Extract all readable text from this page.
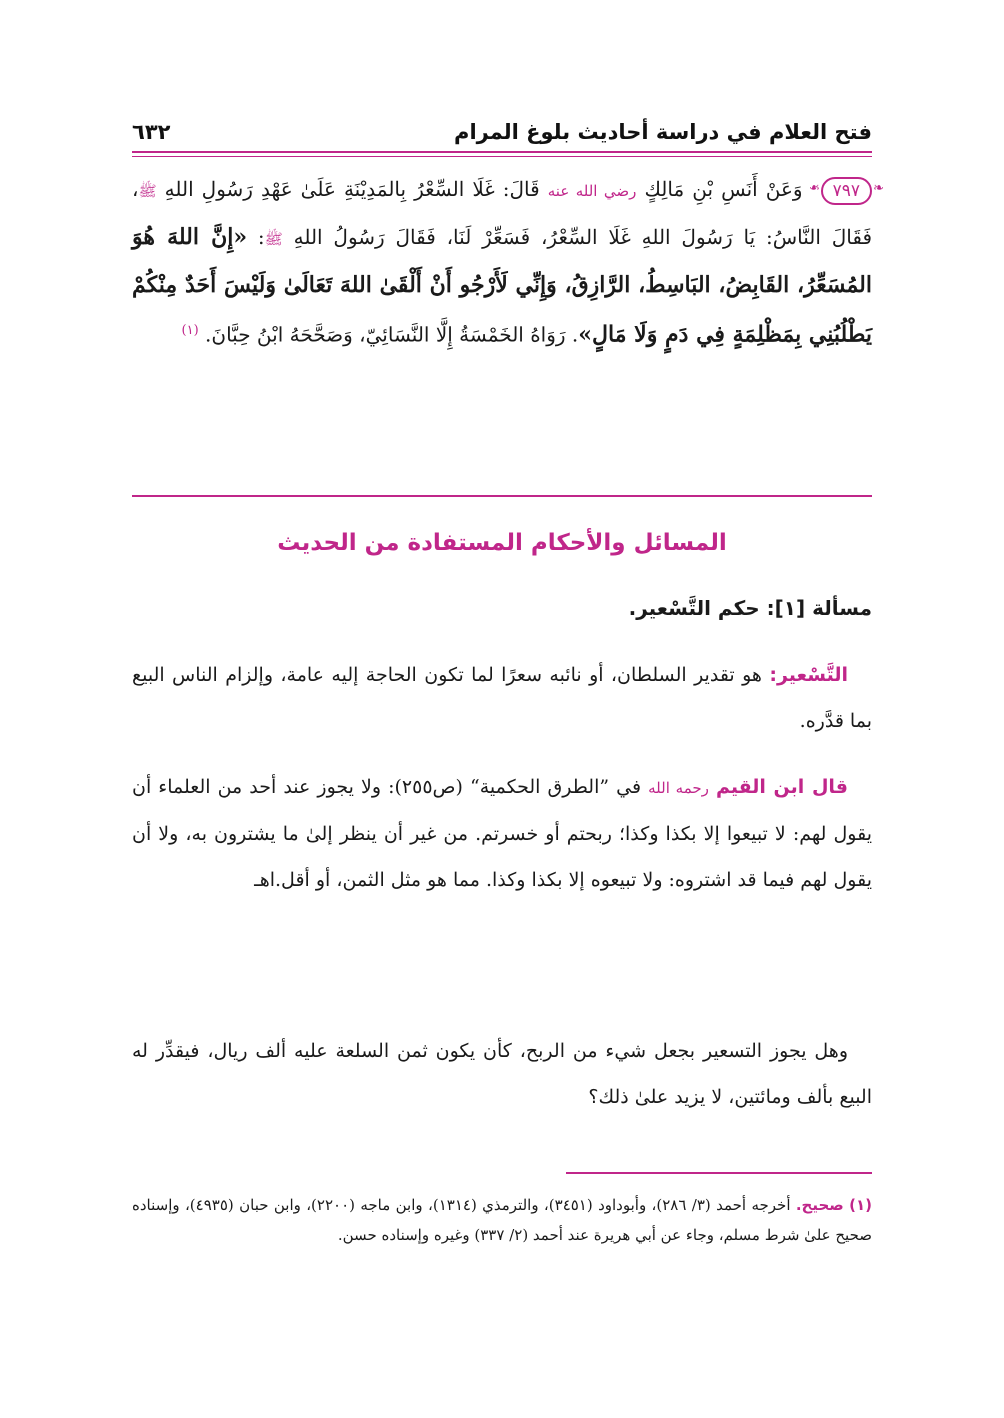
فتح العلام في دراسة أحاديث بلوغ المرام
٦٣٢
❧ ٧٩٧ ❧ وَعَنْ أَنَسِ بْنِ مَالِكٍ رضي الله عنه قَالَ: غَلَا السِّعْرُ بِالمَدِيْنَةِ عَلَىٰ عَهْدِ رَسُولِ اللهِ ﷺ، فَقَالَ النَّاسُ: يَا رَسُولَ اللهِ غَلَا السِّعْرُ، فَسَعِّرْ لَنَا، فَقَالَ رَسُولُ اللهِ ﷺ: «إِنَّ اللهَ هُوَ المُسَعِّرُ، القَابِضُ، البَاسِطُ، الرَّازِقُ، وَإِنِّي لَأَرْجُو أَنْ أَلْقَىٰ اللهَ تَعَالَىٰ وَلَيْسَ أَحَدٌ مِنْكُمْ يَطْلُبُنِي بِمَظْلِمَةٍ فِي دَمٍ وَلَا مَالٍ». رَوَاهُ الخَمْسَةُ إِلَّا النَّسَائِيّ، وَصَحَّحَهُ ابْنُ حِبَّانَ. $^{(١)}$
المسائل والأحكام المستفادة من الحديث
مسألة [١]: حكم التَّسْعير.
التَّسْعير: هو تقدير السلطان، أو نائبه سعرًا لما تكون الحاجة إليه عامة، وإلزام الناس البيع بما قدَّره.
قال ابن القيم رحمه الله في ”الطرق الحكمية“ (ص٢٥٥): ولا يجوز عند أحد من العلماء أن يقول لهم: لا تبيعوا إلا بكذا وكذا؛ ربحتم أو خسرتم. من غير أن ينظر إلىٰ ما يشترون به، ولا أن يقول لهم فيما قد اشتروه: ولا تبيعوه إلا بكذا وكذا. مما هو مثل الثمن، أو أقل.اهـ
وهل يجوز التسعير بجعل شيء من الربح، كأن يكون ثمن السلعة عليه ألف ريال، فيقدِّر له البيع بألف ومائتين، لا يزيد علىٰ ذلك؟
(١) صحيح. أخرجه أحمد (٣/ ٢٨٦)، وأبوداود (٣٤٥١)، والترمذي (١٣١٤)، وابن ماجه (٢٢٠٠)، وابن حبان (٤٩٣٥)، وإسناده صحيح علىٰ شرط مسلم، وجاء عن أبي هريرة عند أحمد (٢/ ٣٣٧) وغيره وإسناده حسن.
